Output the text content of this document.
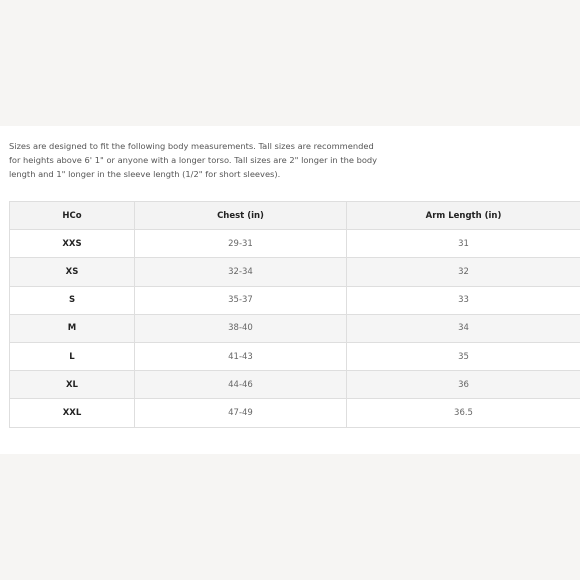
Sizes are designed to fit the following body measurements. Tall sizes are recommended for heights above 6' 1" or anyone with a longer torso. Tall sizes are 2" longer in the body length and 1" longer in the sleeve length (1/2" for short sleeves).

HCo	Chest (in)	Arm Length (in)
XXS	29-31	31
XS	32-34	32
S	35-37	33
M	38-40	34
L	41-43	35
XL	44-46	36
XXL	47-49	36.5
